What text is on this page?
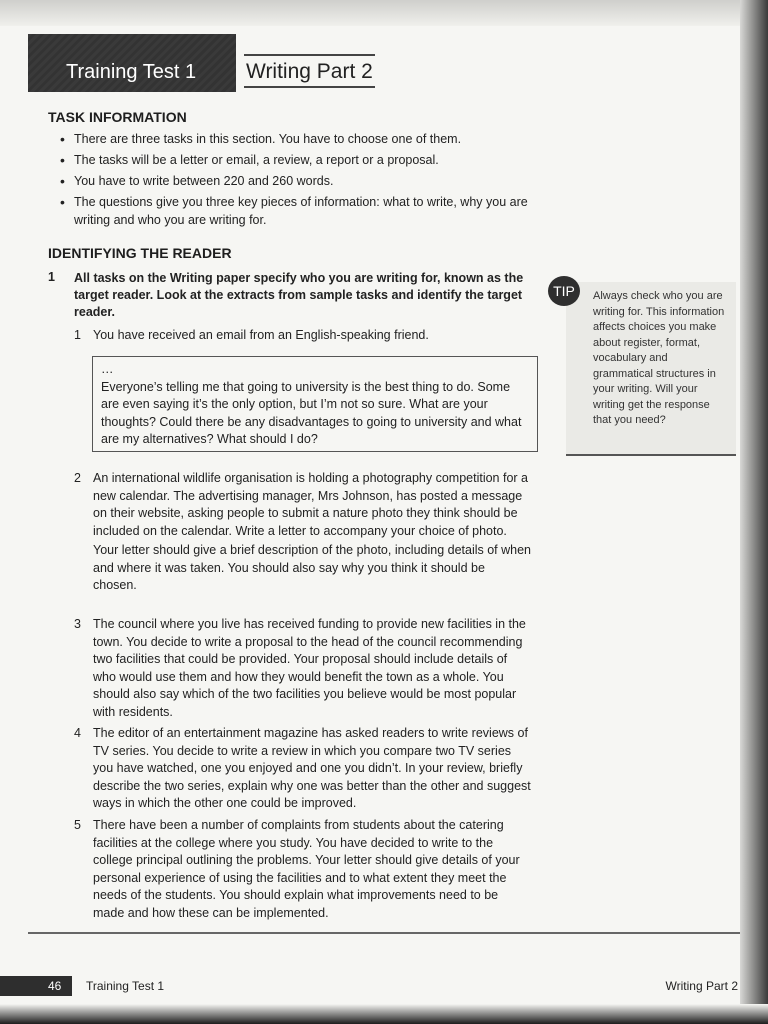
Training Test 1 Writing Part 2
TASK INFORMATION
• There are three tasks in this section. You have to choose one of them.
• The tasks will be a letter or email, a review, a report or a proposal.
• You have to write between 220 and 260 words.
• The questions give you three key pieces of information: what to write, why you are writing and who you are writing for.
IDENTIFYING THE READER
1 All tasks on the Writing paper specify who you are writing for, known as the target reader. Look at the extracts from sample tasks and identify the target reader.

1 You have received an email from an English-speaking friend.

…

Everyone’s telling me that going to university is the best thing to do. Some are even saying it’s the only option, but I’m not so sure. What are your thoughts? Could there be any disadvantages to going to university and what are my alternatives? What should I do?

2 An international wildlife organisation is holding a photography competition for a new calendar. The advertising manager, Mrs Johnson, has posted a message on their website, asking people to submit a nature photo they think should be included on the calendar. Write a letter to accompany your choice of photo.

Your letter should give a brief description of the photo, including details of when and where it was taken. You should also say why you think it should be chosen.

3 The council where you live has received funding to provide new facilities in the town. You decide to write a proposal to the head of the council recommending two facilities that could be provided. Your proposal should include details of who would use them and how they would benefit the town as a whole. You should also say which of the two facilities you believe would be most popular with residents.

4 The editor of an entertainment magazine has asked readers to write reviews of TV series. You decide to write a review in which you compare two TV series you have watched, one you enjoyed and one you didn’t. In your review, briefly describe the two series, explain why one was better than the other and suggest ways in which the other one could be improved.

5 There have been a number of complaints from students about the catering facilities at the college where you study. You have decided to write to the college principal outlining the problems. Your letter should give details of your personal experience of using the facilities and to what extent they meet the needs of the students. You should explain what improvements need to be made and how these can be implemented.

TIP	Always check who you are writing for. This information affects choices you make about register, format, vocabulary and grammatical structures in your writing. Will your writing get the response that you need?

46 Training Test 1	Writing Part 2
